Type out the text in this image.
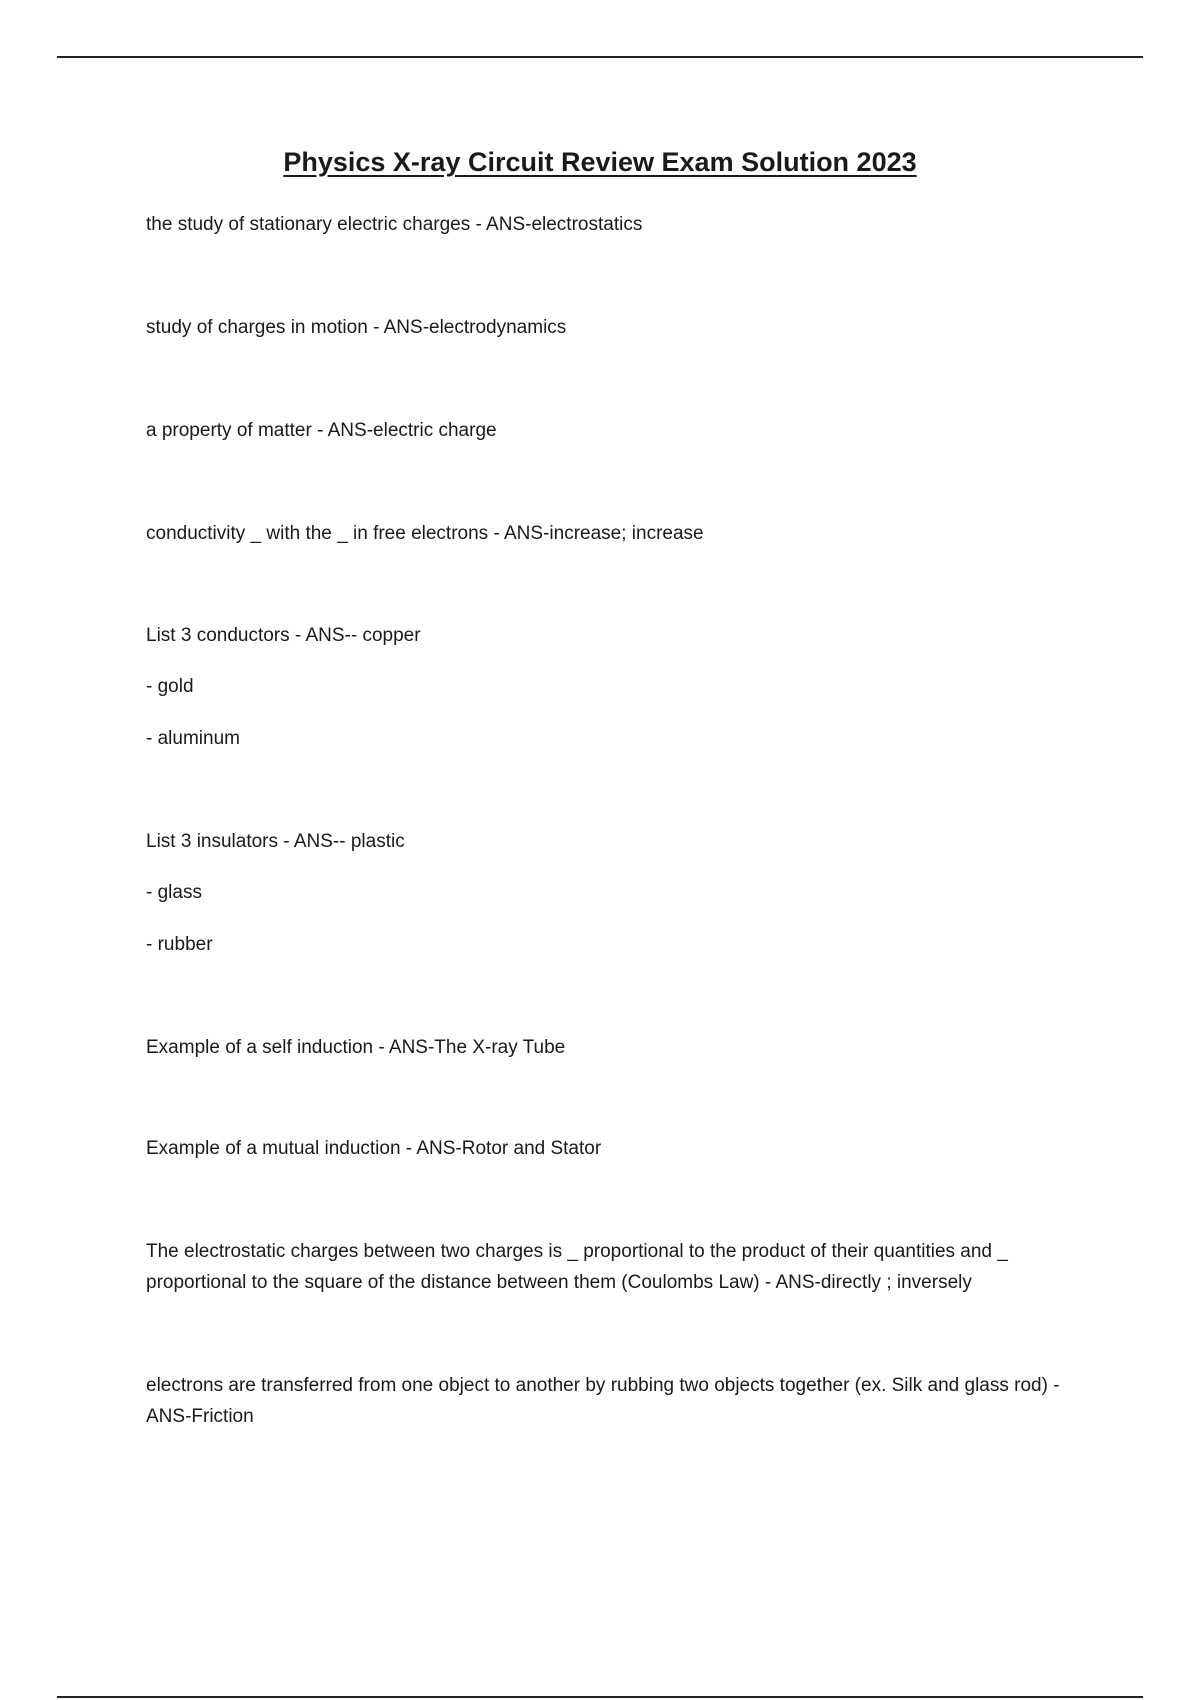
Physics X-ray Circuit Review Exam Solution 2023

the study of stationary electric charges - ANS-electrostatics

study of charges in motion - ANS-electrodynamics

a property of matter - ANS-electric charge

conductivity _ with the _ in free electrons - ANS-increase; increase

List 3 conductors - ANS-- copper

- gold

- aluminum

List 3 insulators - ANS-- plastic

- glass

- rubber

Example of a self induction - ANS-The X-ray Tube

Example of a mutual induction - ANS-Rotor and Stator

The electrostatic charges between two charges is _ proportional to the product of their quantities and _ proportional to the square of the distance between them (Coulombs Law) - ANS-directly ; inversely

electrons are transferred from one object to another by rubbing two objects together (ex. Silk and glass rod) - ANS-Friction
